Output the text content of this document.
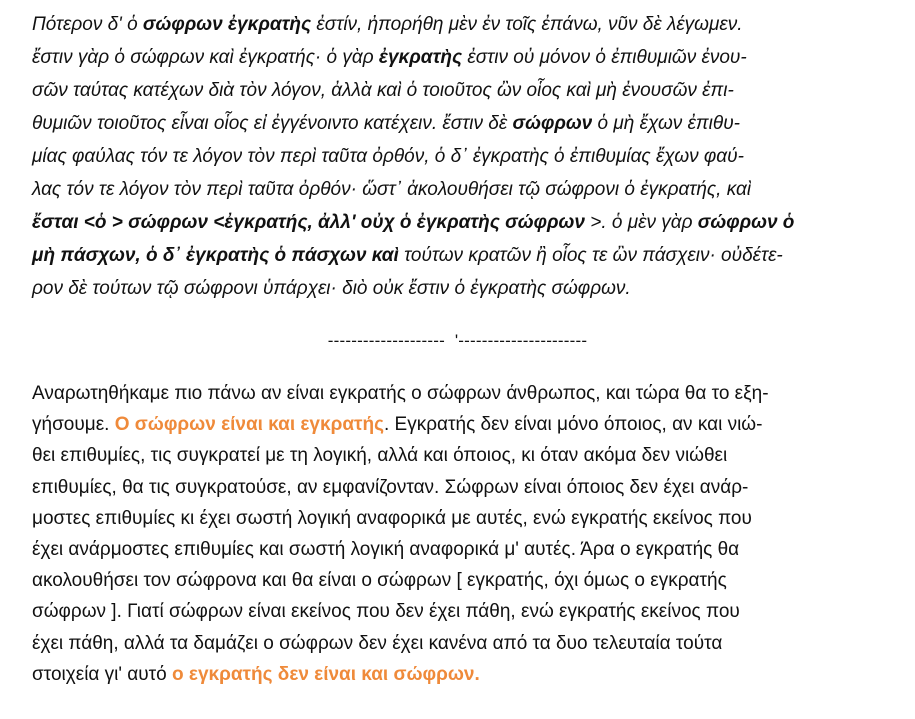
Πότερον δ' ὁ σώφρων ἐγκρατὴς ἐστίν, ἠπορήθη μὲν ἐν τοῖς ἐπάνω, νῦν δὲ λέγωμεν.
ἔστιν γὰρ ὁ σώφρων καὶ ἐγκρατής· ὁ γὰρ ἐγκρατὴς ἐστιν οὐ μόνον ὁ ἐπιθυμιῶν ἐνου-
σῶν ταύτας κατέχων διὰ τὸν λόγον, ἀλλὰ καὶ ὁ τοιοῦτος ὢν οἷος καὶ μὴ ἐνουσῶν ἐπι-
θυμιῶν τοιοῦτος εἶναι οἷος εἰ ἐγγένοιντο κατέχειν. ἔστιν δὲ σώφρων ὁ μὴ ἔχων ἐπιθυ-
μίας φαύλας τόν τε λόγον τὸν περὶ ταῦτα ὀρθόν, ὁ δ᾿ ἐγκρατὴς ὁ ἐπιθυμίας ἔχων φαύ-
λας τόν τε λόγον τὸν περὶ ταῦτα ὀρθόν· ὥστ᾿ ἀκολουθήσει τῷ σώφρονι ὁ ἐγκρατής, καὶ
ἔσται <ὁ > σώφρων <ἐγκρατής, ἀλλ' οὐχ ὁ ἐγκρατὴς σώφρων >. ὁ μὲν γὰρ σώφρων ὁ
μὴ πάσχων, ὁ δ᾿ ἐγκρατὴς ὁ πάσχων καὶ τούτων κρατῶν ἢ οἷος τε ὢν πάσχειν· οὐδέτε-
ρον δὲ τούτων τῷ σώφρονι ὑπάρχει· διὸ οὐκ ἔστιν ὁ ἐγκρατὴς σώφρων.
--------------------  '----------------------
Αναρωτηθήκαμε πιο πάνω αν είναι εγκρατής ο σώφρων άνθρωπος, και τώρα θα το εξη-
γήσουμε. Ο σώφρων είναι και εγκρατής. Εγκρατής δεν είναι μόνο όποιος, αν και νιώ-
θει επιθυμίες, τις συγκρατεί με τη λογική, αλλά και όποιος, κι όταν ακόμα δεν νιώθει
επιθυμίες, θα τις συγκρατούσε, αν εμφανίζονταν. Σώφρων είναι όποιος δεν έχει ανάρ-
μοστες επιθυμίες κι έχει σωστή λογική αναφορικά με αυτές, ενώ εγκρατής εκείνος που
έχει ανάρμοστες επιθυμίες και σωστή λογική αναφορικά μ' αυτές. Άρα ο εγκρατής θα
ακολουθήσει τον σώφρονα και θα είναι ο σώφρων [ εγκρατής, όχι όμως ο εγκρατής
σώφρων ]. Γιατί σώφρων είναι εκείνος που δεν έχει πάθη, ενώ εγκρατής εκείνος που
έχει πάθη, αλλά τα δαμάζει ο σώφρων δεν έχει κανένα από τα δυο τελευταία τούτα
στοιχεία γι' αυτό ο εγκρατής δεν είναι και σώφρων.
